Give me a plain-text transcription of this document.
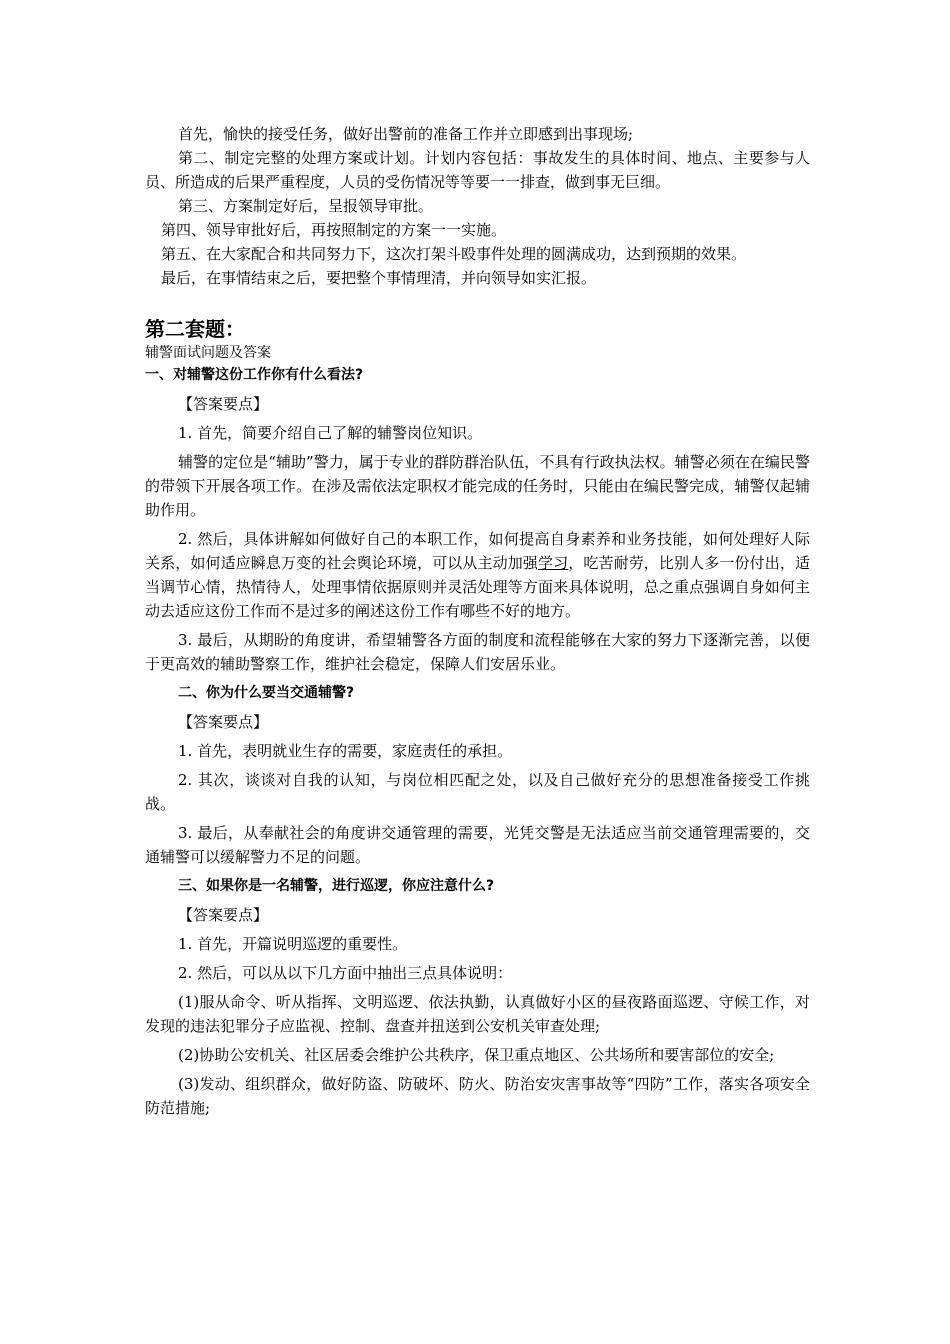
首先，愉快的接受任务，做好出警前的准备工作并立即感到出事现场;

第二、制定完整的处理方案或计划。计划内容包括：事故发生的具体时间、地点、主要参与人员、所造成的后果严重程度，人员的受伤情况等等要一一排查，做到事无巨细。

第三、方案制定好后，呈报领导审批。

第四、领导审批好后，再按照制定的方案一一实施。

第五、在大家配合和共同努力下，这次打架斗殴事件处理的圆满成功，达到预期的效果。

最后，在事情结束之后，要把整个事情理清，并向领导如实汇报。

第二套题：
辅警面试问题及答案

一、对辅警这份工作你有什么看法?

【答案要点】

1. 首先，简要介绍自己了解的辅警岗位知识。

辅警的定位是“辅助”警力，属于专业的群防群治队伍，不具有行政执法权。辅警必须在在编民警的带领下开展各项工作。在涉及需依法定职权才能完成的任务时，只能由在编民警完成，辅警仅起辅助作用。

2. 然后，具体讲解如何做好自己的本职工作，如何提高自身素养和业务技能，如何处理好人际关系，如何适应瞬息万变的社会舆论环境，可以从主动加强学习，吃苦耐劳，比别人多一份付出，适当调节心情，热情待人，处理事情依据原则并灵活处理等方面来具体说明，总之重点强调自身如何主动去适应这份工作而不是过多的阐述这份工作有哪些不好的地方。

3. 最后，从期盼的角度讲，希望辅警各方面的制度和流程能够在大家的努力下逐渐完善，以便于更高效的辅助警察工作，维护社会稳定，保障人们安居乐业。

二、你为什么要当交通辅警?

【答案要点】

1. 首先，表明就业生存的需要，家庭责任的承担。

2. 其次，谈谈对自我的认知，与岗位相匹配之处，以及自己做好充分的思想准备接受工作挑战。

3. 最后，从奉献社会的角度讲交通管理的需要，光凭交警是无法适应当前交通管理需要的，交通辅警可以缓解警力不足的问题。

三、如果你是一名辅警，进行巡逻，你应注意什么?

【答案要点】

1. 首先，开篇说明巡逻的重要性。

2. 然后，可以从以下几方面中抽出三点具体说明：

(1)服从命令、听从指挥、文明巡逻、依法执勤，认真做好小区的昼夜路面巡逻、守候工作，对发现的违法犯罪分子应监视、控制、盘查并扭送到公安机关审查处理;

(2)协助公安机关、社区居委会维护公共秩序，保卫重点地区、公共场所和要害部位的安全;

(3)发动、组织群众，做好防盗、防破坏、防火、防治安灾害事故等“四防”工作，落实各项安全防范措施;
